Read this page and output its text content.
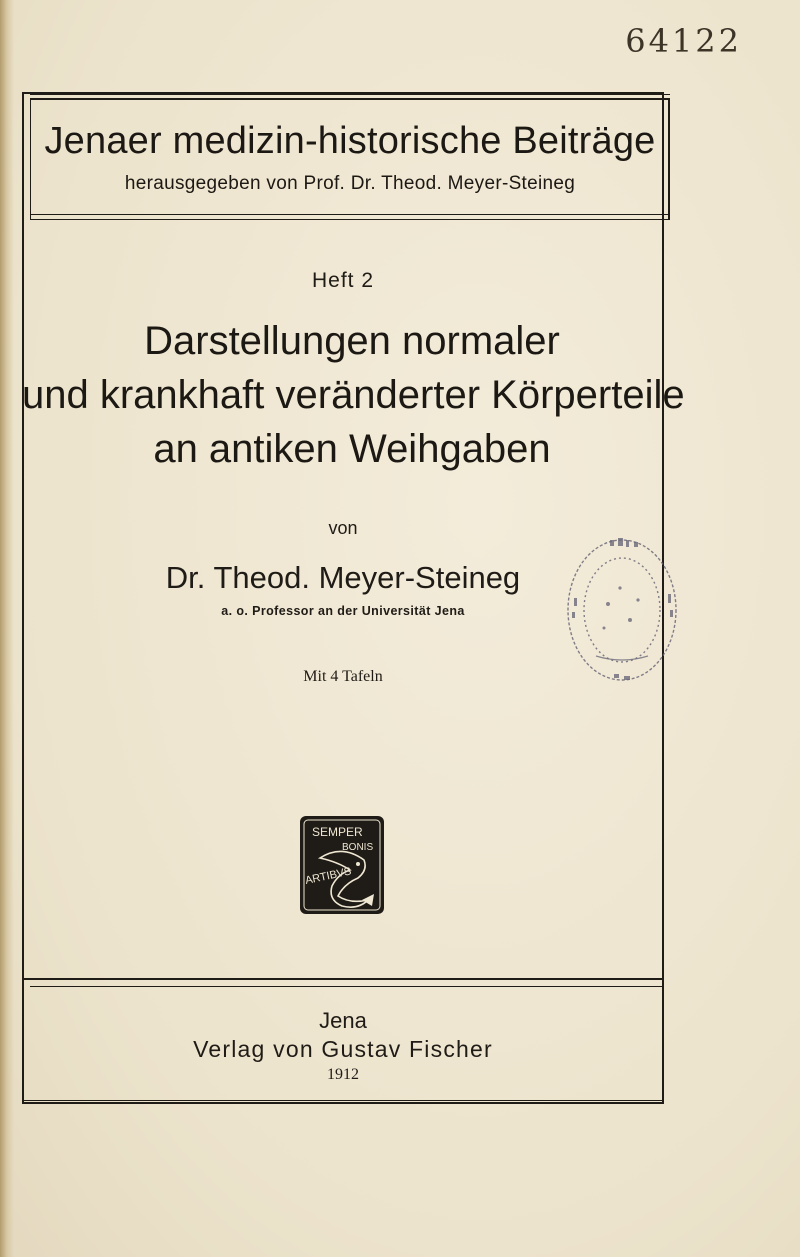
64122
Jenaer medizin-historische Beiträge
herausgegeben von Prof. Dr. Theod. Meyer-Steineg
Heft 2
Darstellungen normaler
und krankhaft veränderter Körperteile
an antiken Weihgaben
von
Dr. Theod. Meyer-Steineg
a. o. Professor an der Universität Jena
Mit 4 Tafeln
SEMPER
BONIS
ARTIBVS
Jena
Verlag von Gustav Fischer
1912
